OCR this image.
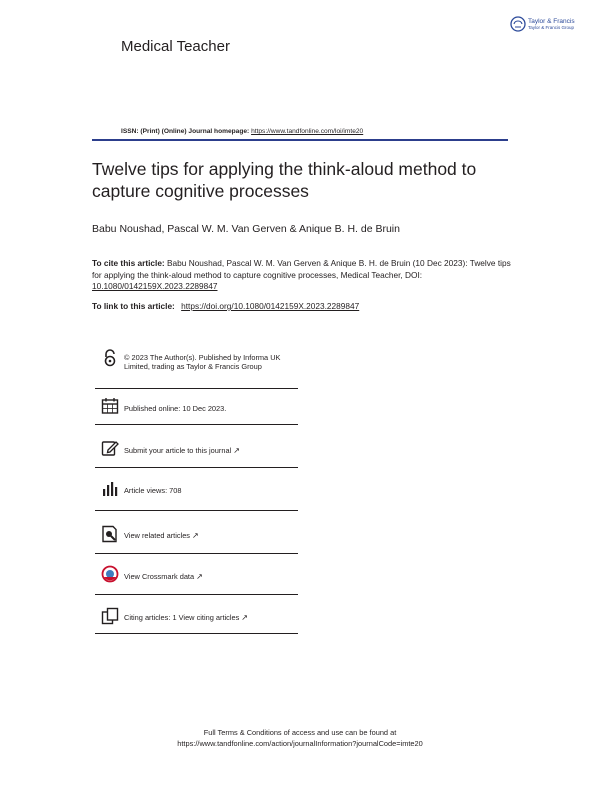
Medical Teacher
Taylor & Francis
Taylor & Francis Group
ISSN: (Print) (Online) Journal homepage: https://www.tandfonline.com/loi/imte20
Twelve tips for applying the think-aloud method to capture cognitive processes
Babu Noushad, Pascal W. M. Van Gerven & Anique B. H. de Bruin
To cite this article: Babu Noushad, Pascal W. M. Van Gerven & Anique B. H. de Bruin (10 Dec 2023): Twelve tips for applying the think-aloud method to capture cognitive processes, Medical Teacher, DOI: 10.1080/0142159X.2023.2289847
To link to this article: https://doi.org/10.1080/0142159X.2023.2289847
© 2023 The Author(s). Published by Informa UK Limited, trading as Taylor & Francis Group
Published online: 10 Dec 2023.
Submit your article to this journal ↗
Article views: 708
View related articles ↗
View Crossmark data ↗
Citing articles: 1 View citing articles ↗
Full Terms & Conditions of access and use can be found at
https://www.tandfonline.com/action/journalInformation?journalCode=imte20
